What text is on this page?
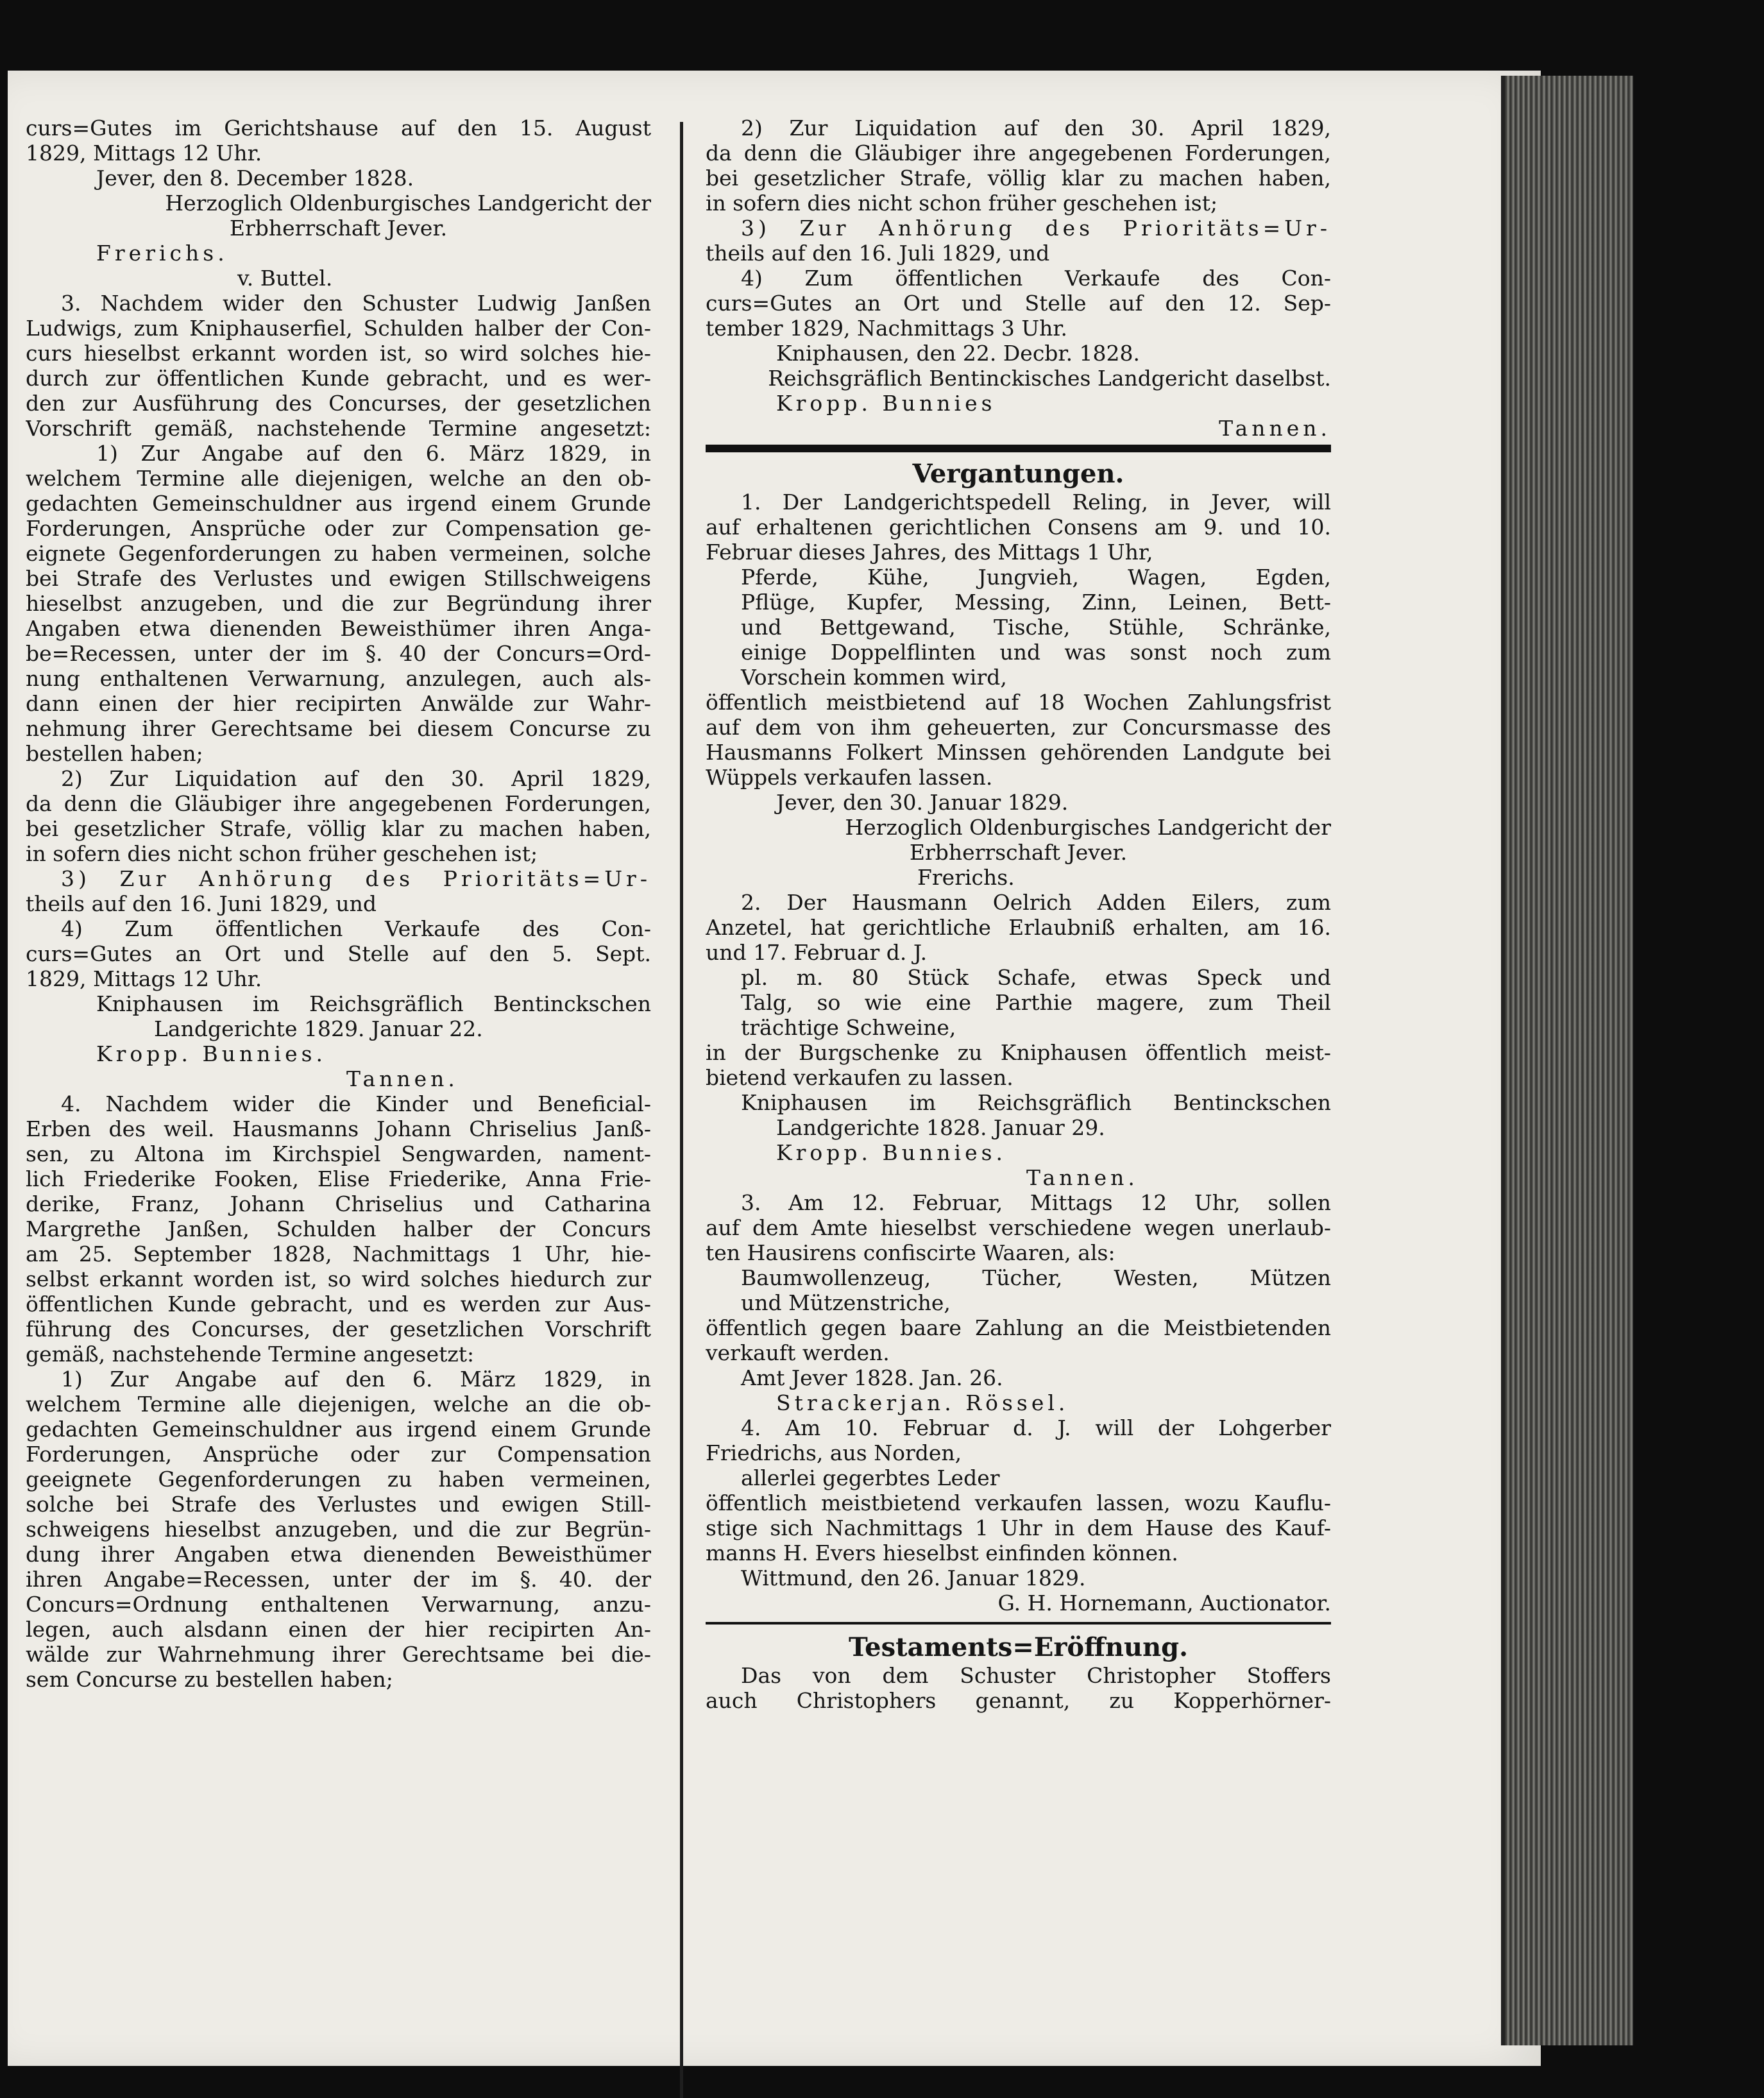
curs=Gutes im Gerichtshause auf den 15. August
1829, Mittags 12 Uhr.
Jever, den 8. December 1828.
Herzoglich Oldenburgisches Landgericht der
Erbherrschaft Jever.
Frerichs.
v. Buttel.
3. Nachdem wider den Schuster Ludwig Janßen
Ludwigs, zum Kniphauserfiel, Schulden halber der Con-
curs hieselbst erkannt worden ist, so wird solches hie-
durch zur öffentlichen Kunde gebracht, und es wer-
den zur Ausführung des Concurses, der gesetzlichen
Vorschrift gemäß, nachstehende Termine angesetzt:
1) Zur Angabe auf den 6. März 1829, in
welchem Termine alle diejenigen, welche an den ob-
gedachten Gemeinschuldner aus irgend einem Grunde
Forderungen, Ansprüche oder zur Compensation ge-
eignete Gegenforderungen zu haben vermeinen, solche
bei Strafe des Verlustes und ewigen Stillschweigens
hieselbst anzugeben, und die zur Begründung ihrer
Angaben etwa dienenden Beweisthümer ihren Anga-
be=Recessen, unter der im §. 40 der Concurs=Ord-
nung enthaltenen Verwarnung, anzulegen, auch als-
dann einen der hier recipirten Anwälde zur Wahr-
nehmung ihrer Gerechtsame bei diesem Concurse zu
bestellen haben;
2) Zur Liquidation auf den 30. April 1829,
da denn die Gläubiger ihre angegebenen Forderungen,
bei gesetzlicher Strafe, völlig klar zu machen haben,
in sofern dies nicht schon früher geschehen ist;
3) Zur Anhörung des Prioritäts=Ur-
theils auf den 16. Juni 1829, und
4) Zum öffentlichen Verkaufe des Con-
curs=Gutes an Ort und Stelle auf den 5. Sept.
1829, Mittags 12 Uhr.
Kniphausen im Reichsgräflich Bentinckschen
Landgerichte 1829. Januar 22.
Kropp. Bunnies.
Tannen.
4. Nachdem wider die Kinder und Beneficial-
Erben des weil. Hausmanns Johann Chriselius Janß-
sen, zu Altona im Kirchspiel Sengwarden, nament-
lich Friederike Fooken, Elise Friederike, Anna Frie-
derike, Franz, Johann Chriselius und Catharina
Margrethe Janßen, Schulden halber der Concurs
am 25. September 1828, Nachmittags 1 Uhr, hie-
selbst erkannt worden ist, so wird solches hiedurch zur
öffentlichen Kunde gebracht, und es werden zur Aus-
führung des Concurses, der gesetzlichen Vorschrift
gemäß, nachstehende Termine angesetzt:
1) Zur Angabe auf den 6. März 1829, in
welchem Termine alle diejenigen, welche an die ob-
gedachten Gemeinschuldner aus irgend einem Grunde
Forderungen, Ansprüche oder zur Compensation
geeignete Gegenforderungen zu haben vermeinen,
solche bei Strafe des Verlustes und ewigen Still-
schweigens hieselbst anzugeben, und die zur Begrün-
dung ihrer Angaben etwa dienenden Beweisthümer
ihren Angabe=Recessen, unter der im §. 40. der
Concurs=Ordnung enthaltenen Verwarnung, anzu-
legen, auch alsdann einen der hier recipirten An-
wälde zur Wahrnehmung ihrer Gerechtsame bei die-
sem Concurse zu bestellen haben;
2) Zur Liquidation auf den 30. April 1829,
da denn die Gläubiger ihre angegebenen Forderungen,
bei gesetzlicher Strafe, völlig klar zu machen haben,
in sofern dies nicht schon früher geschehen ist;
3) Zur Anhörung des Prioritäts=Ur-
theils auf den 16. Juli 1829, und
4) Zum öffentlichen Verkaufe des Con-
curs=Gutes an Ort und Stelle auf den 12. Sep-
tember 1829, Nachmittags 3 Uhr.
Kniphausen, den 22. Decbr. 1828.
Reichsgräflich Bentinckisches Landgericht daselbst.
Kropp. Bunnies
Tannen.
Vergantungen.
1. Der Landgerichtspedell Reling, in Jever, will
auf erhaltenen gerichtlichen Consens am 9. und 10.
Februar dieses Jahres, des Mittags 1 Uhr,
Pferde, Kühe, Jungvieh, Wagen, Egden,
Pflüge, Kupfer, Messing, Zinn, Leinen, Bett-
und Bettgewand, Tische, Stühle, Schränke,
einige Doppelflinten und was sonst noch zum
Vorschein kommen wird,
öffentlich meistbietend auf 18 Wochen Zahlungsfrist
auf dem von ihm geheuerten, zur Concursmasse des
Hausmanns Folkert Minssen gehörenden Landgute bei
Wüppels verkaufen lassen.
Jever, den 30. Januar 1829.
Herzoglich Oldenburgisches Landgericht der
Erbherrschaft Jever.
Frerichs.
2. Der Hausmann Oelrich Adden Eilers, zum
Anzetel, hat gerichtliche Erlaubniß erhalten, am 16.
und 17. Februar d. J.
pl. m. 80 Stück Schafe, etwas Speck und
Talg, so wie eine Parthie magere, zum Theil
trächtige Schweine,
in der Burgschenke zu Kniphausen öffentlich meist-
bietend verkaufen zu lassen.
Kniphausen im Reichsgräflich Bentinckschen
Landgerichte 1828. Januar 29.
Kropp. Bunnies.
Tannen.
3. Am 12. Februar, Mittags 12 Uhr, sollen
auf dem Amte hieselbst verschiedene wegen unerlaub-
ten Hausirens confiscirte Waaren, als:
Baumwollenzeug, Tücher, Westen, Mützen
und Mützenstriche,
öffentlich gegen baare Zahlung an die Meistbietenden
verkauft werden.
Amt Jever 1828. Jan. 26.
Strackerjan. Rössel.
4. Am 10. Februar d. J. will der Lohgerber
Friedrichs, aus Norden,
allerlei gegerbtes Leder
öffentlich meistbietend verkaufen lassen, wozu Kauflu-
stige sich Nachmittags 1 Uhr in dem Hause des Kauf-
manns H. Evers hieselbst einfinden können.
Wittmund, den 26. Januar 1829.
G. H. Hornemann, Auctionator.
Testaments=Eröffnung.
Das von dem Schuster Christopher Stoffers
auch Christophers genannt, zu Kopperhörner-
